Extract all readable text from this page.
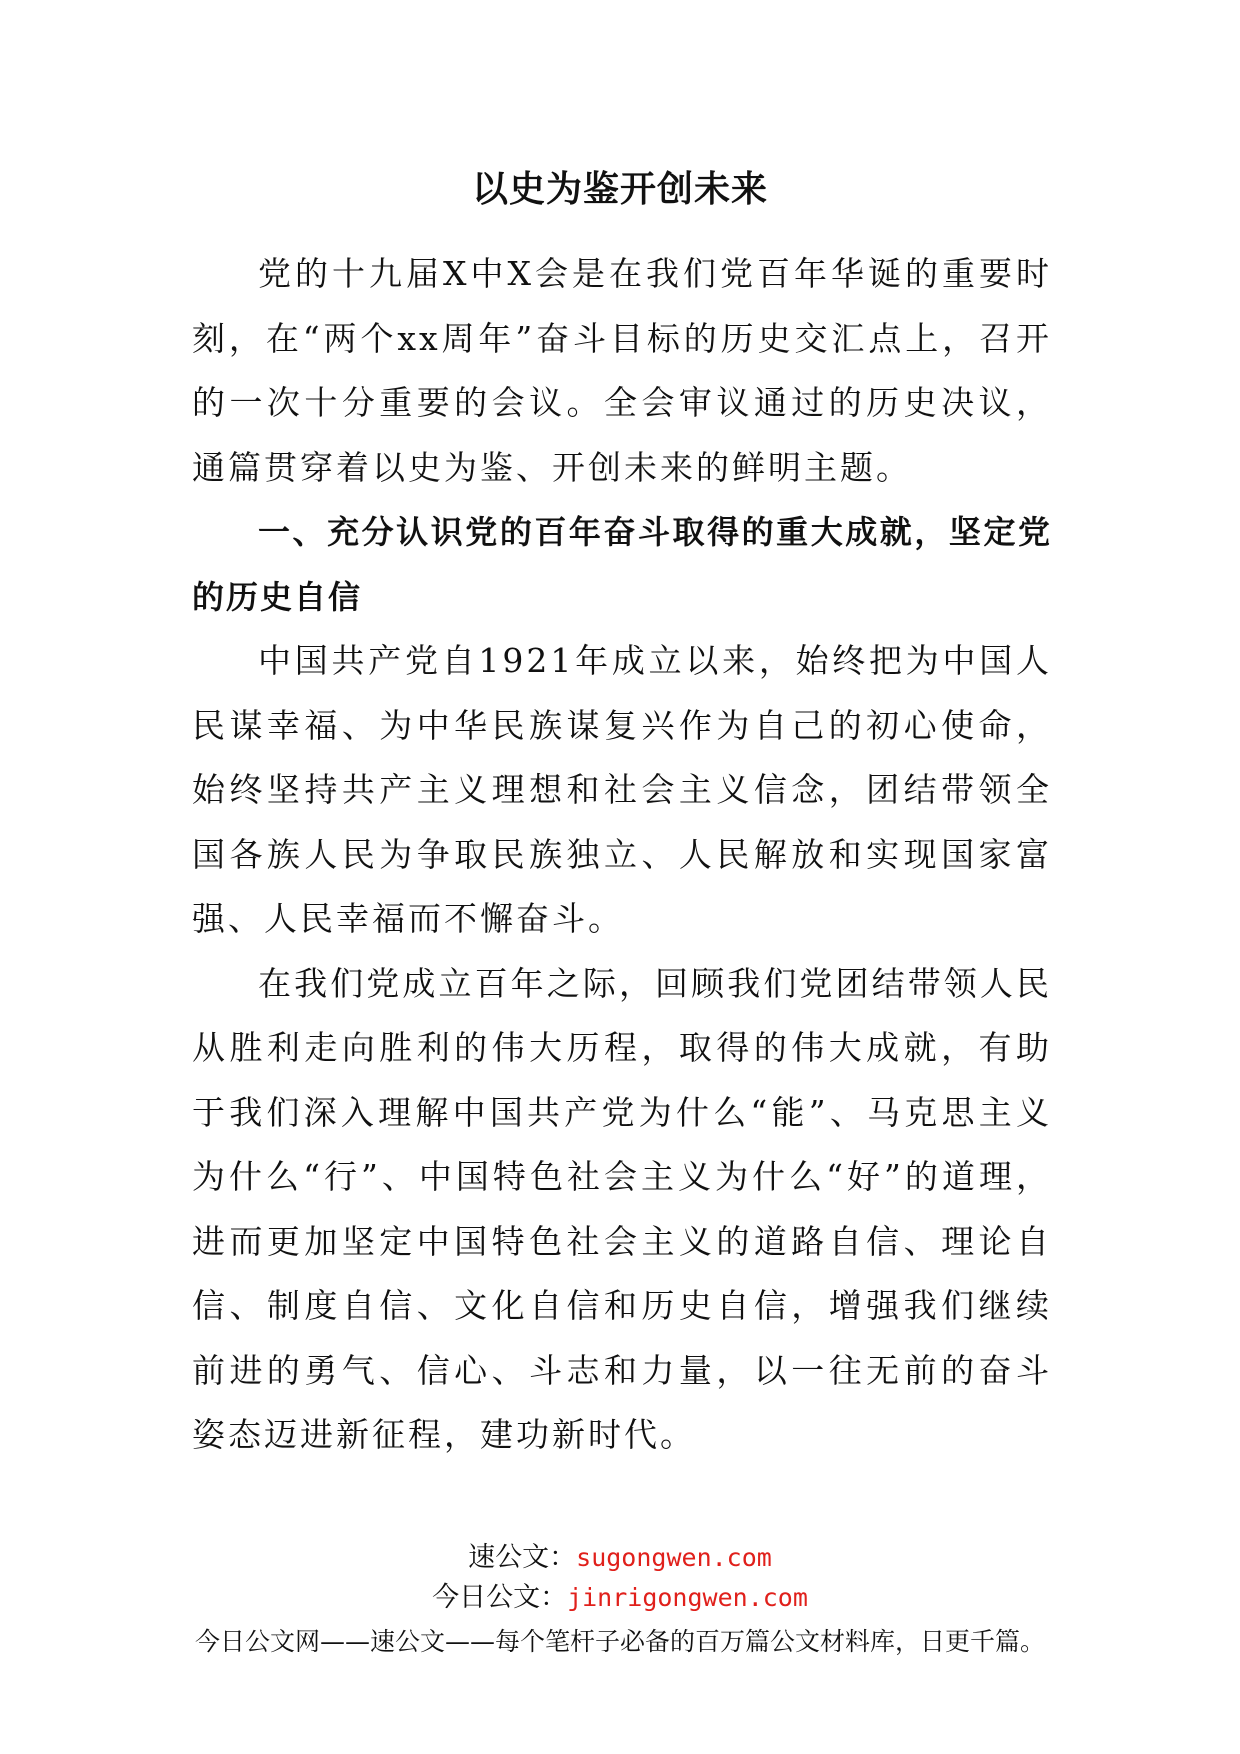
以史为鉴开创未来

党的十九届X中X会是在我们党百年华诞的重要时刻，在“两个xx周年”奋斗目标的历史交汇点上，召开的一次十分重要的会议。全会审议通过的历史决议，通篇贯穿着以史为鉴、开创未来的鲜明主题。

一、充分认识党的百年奋斗取得的重大成就，坚定党的历史自信

中国共产党自1921年成立以来，始终把为中国人民谋幸福、为中华民族谋复兴作为自己的初心使命，始终坚持共产主义理想和社会主义信念，团结带领全国各族人民为争取民族独立、人民解放和实现国家富强、人民幸福而不懈奋斗。

在我们党成立百年之际，回顾我们党团结带领人民从胜利走向胜利的伟大历程，取得的伟大成就，有助于我们深入理解中国共产党为什么“能”、马克思主义为什么“行”、中国特色社会主义为什么“好”的道理，进而更加坚定中国特色社会主义的道路自信、理论自信、制度自信、文化自信和历史自信，增强我们继续前进的勇气、信心、斗志和力量，以一往无前的奋斗姿态迈进新征程，建功新时代。

速公文：sugongwen.com
今日公文：jinrigongwen.com
今日公文网——速公文——每个笔杆子必备的百万篇公文材料库，日更千篇。
